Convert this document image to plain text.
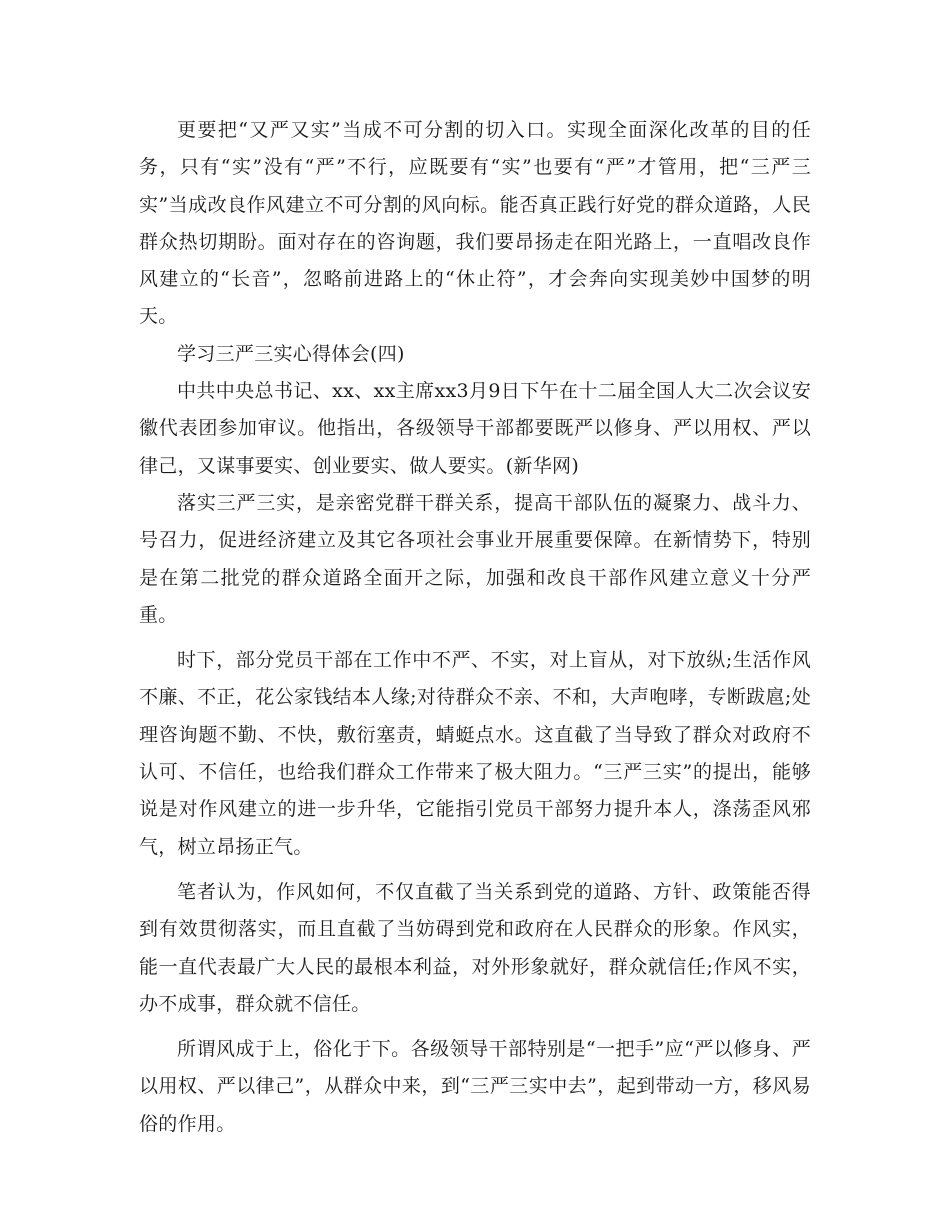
更要把“又严又实”当成不可分割的切入口。实现全面深化改革的目的任务，只有“实”没有“严”不行，应既要有“实”也要有“严”才管用，把“三严三实”当成改良作风建立不可分割的风向标。能否真正践行好党的群众道路，人民群众热切期盼。面对存在的咨询题，我们要昂扬走在阳光路上，一直唱改良作风建立的“长音”，忽略前进路上的“休止符”，才会奔向实现美妙中国梦的明天。

学习三严三实心得体会(四)

中共中央总书记、xx、xx主席xx3月9日下午在十二届全国人大二次会议安徽代表团参加审议。他指出，各级领导干部都要既严以修身、严以用权、严以律己，又谋事要实、创业要实、做人要实。(新华网)

落实三严三实，是亲密党群干群关系，提高干部队伍的凝聚力、战斗力、号召力，促进经济建立及其它各项社会事业开展重要保障。在新情势下，特别是在第二批党的群众道路全面开之际，加强和改良干部作风建立意义十分严重。

时下，部分党员干部在工作中不严、不实，对上盲从，对下放纵;生活作风不廉、不正，花公家钱结本人缘;对待群众不亲、不和，大声咆哮，专断跋扈;处理咨询题不勤、不快，敷衍塞责，蜻蜓点水。这直截了当导致了群众对政府不认可、不信任，也给我们群众工作带来了极大阻力。“三严三实”的提出，能够说是对作风建立的进一步升华，它能指引党员干部努力提升本人，涤荡歪风邪气，树立昂扬正气。

笔者认为，作风如何，不仅直截了当关系到党的道路、方针、政策能否得到有效贯彻落实，而且直截了当妨碍到党和政府在人民群众的形象。作风实，能一直代表最广大人民的最根本利益，对外形象就好，群众就信任;作风不实，办不成事，群众就不信任。

所谓风成于上，俗化于下。各级领导干部特别是“一把手”应“严以修身、严以用权、严以律己”，从群众中来，到“三严三实中去”，起到带动一方，移风易俗的作用。
